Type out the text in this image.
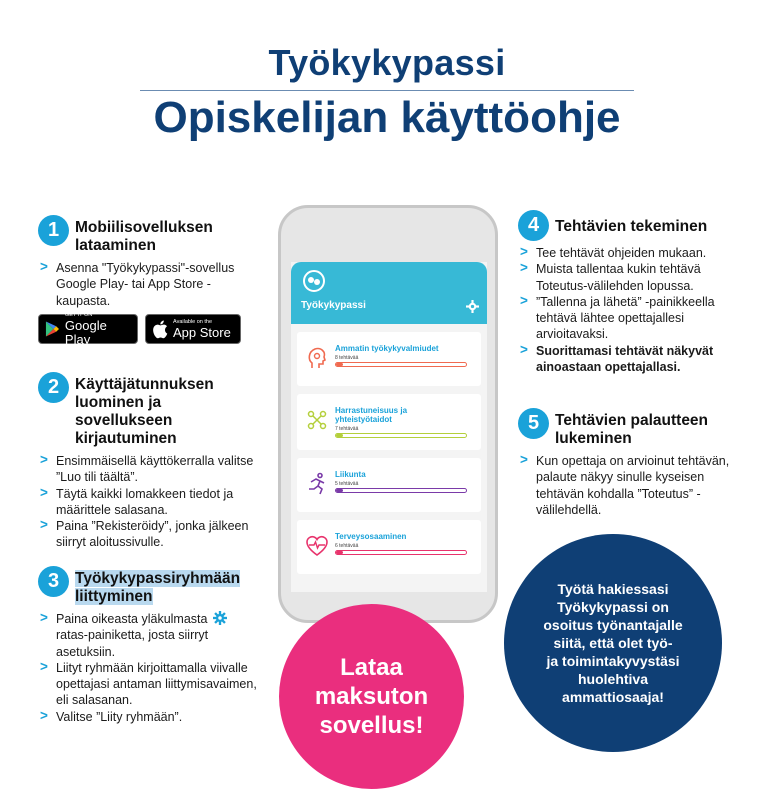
Työkykypassi
Opiskelijan käyttöohje
1	Mobiilisovelluksen lataaminen
> Asenna "Työkykypassi"-sovellus Google Play- tai App Store -kaupasta.
GET IT ON
Google Play
Available on the
App Store
2	Käyttäjätunnuksen luominen ja sovellukseen kirjautuminen
> Ensimmäisellä käyttökerralla valitse ”Luo tili täältä”.
> Täytä kaikki lomakkeen tiedot ja määrittele salasana.
> Paina ”Rekisteröidy”, jonka jälkeen siirryt aloitussivulle.
3	Työkykypassiryhmään liittyminen
> Paina oikeasta yläkulmasta
ratas-painiketta, josta siirryt asetuksiin.
> Liityt ryhmään kirjoittamalla viivalle opettajasi antaman liittymisavaimen, eli salasanan.
> Valitse ”Liity ryhmään”.
Työkykypassi
Ammatin työkykyvalmiudet
8 tehtävää
Harrastuneisuus ja yhteistyötaidot
7 tehtävää
Liikunta
5 tehtävää
Terveysosaaminen
6 tehtävää
4	Tehtävien tekeminen
> Tee tehtävät ohjeiden mukaan.
> Muista tallentaa kukin tehtävä Toteutus-välilehden lopussa.
> ”Tallenna ja lähetä” -painikkeella tehtävä lähtee opettajallesi arvioitavaksi.
> Suorittamasi tehtävät näkyvät ainoastaan opettajallasi.
5	Tehtävien palautteen lukeminen
> Kun opettaja on arvioinut tehtävän, palaute näkyy sinulle kyseisen tehtävän kohdalla ”Toteutus” -välilehdellä.
Lataa
maksuton
sovellus!
Työtä hakiessasi
Työkykypassi on
osoitus työnantajalle
siitä, että olet työ-
ja toimintakyvystäsi
huolehtiva
ammattiosaaja!
